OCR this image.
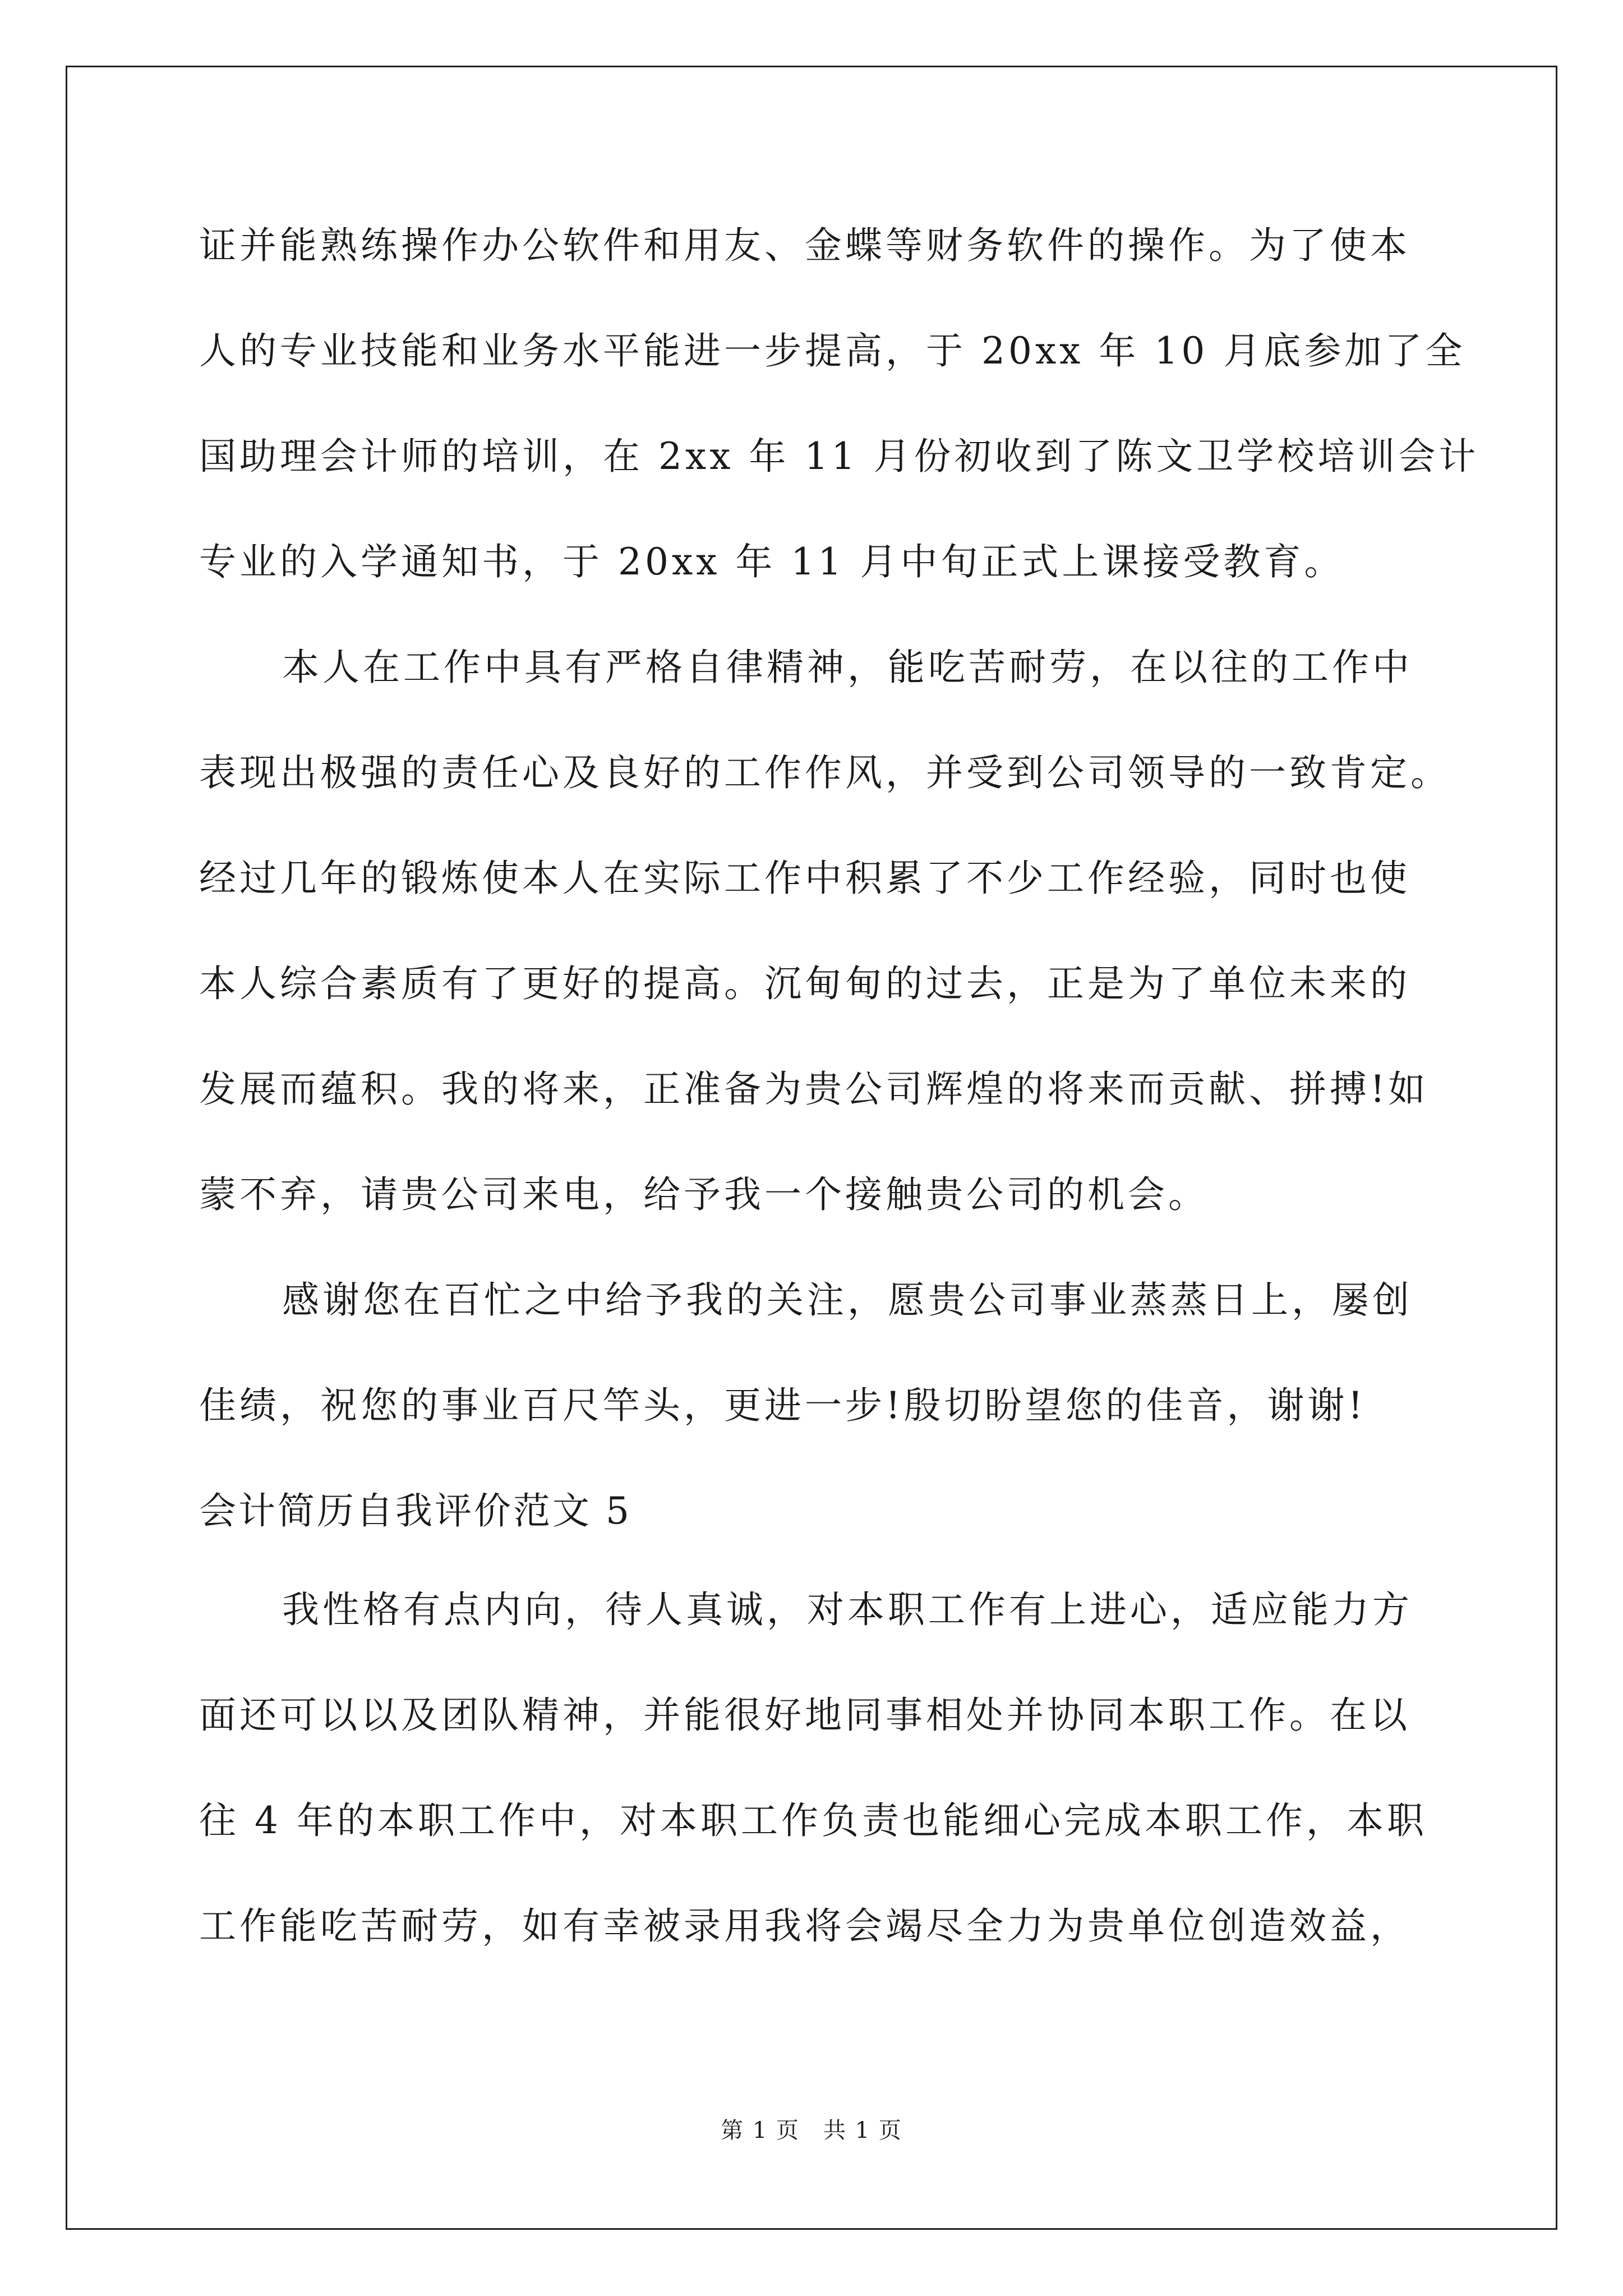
证并能熟练操作办公软件和用友、金蝶等财务软件的操作。为了使本
人的专业技能和业务水平能进一步提高，于 20xx 年 10 月底参加了全
国助理会计师的培训，在 2xx 年 11 月份初收到了陈文卫学校培训会计
专业的入学通知书，于 20xx 年 11 月中旬正式上课接受教育。
本人在工作中具有严格自律精神，能吃苦耐劳，在以往的工作中
表现出极强的责任心及良好的工作作风，并受到公司领导的一致肯定。
经过几年的锻炼使本人在实际工作中积累了不少工作经验，同时也使
本人综合素质有了更好的提高。沉甸甸的过去，正是为了单位未来的
发展而蕴积。我的将来，正准备为贵公司辉煌的将来而贡献、拼搏!如
蒙不弃，请贵公司来电，给予我一个接触贵公司的机会。
感谢您在百忙之中给予我的关注，愿贵公司事业蒸蒸日上，屡创
佳绩，祝您的事业百尺竿头，更进一步!殷切盼望您的佳音，谢谢!
会计简历自我评价范文 5
我性格有点内向，待人真诚，对本职工作有上进心，适应能力方
面还可以以及团队精神，并能很好地同事相处并协同本职工作。在以
往 4 年的本职工作中，对本职工作负责也能细心完成本职工作，本职
工作能吃苦耐劳，如有幸被录用我将会竭尽全力为贵单位创造效益，
第 1 页　共 1 页
